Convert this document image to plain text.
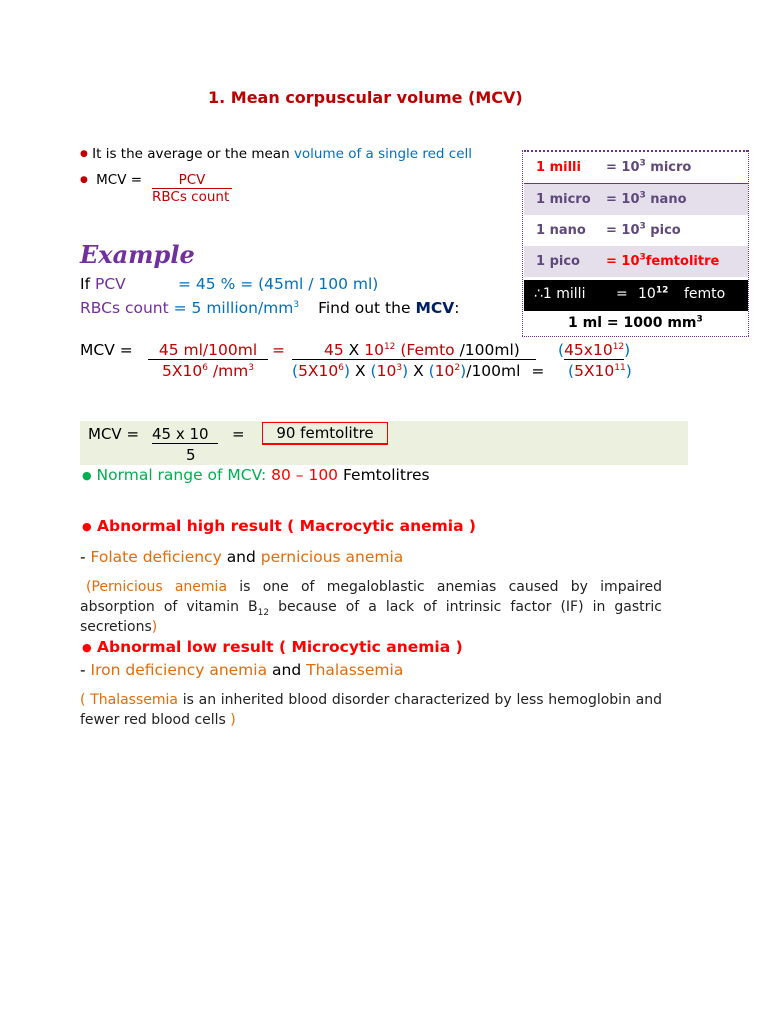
1. Mean corpuscular volume (MCV)
● It is the average or the mean volume of a single red cell
● MCV =	PCV
RBCs count
1 milli = $10^3$ micro
1 micro = $10^3$ nano
1 nano = $10^3$ pico
1 pico = $10^3femtolitre$
∴1 milli = $10^{12}$ femto
1 ml = 1000 $mm^3$
Example
If PCV	= 45 % = (45ml / 100 ml)
RBCs count = 5 million/$mm^3$ Find out the MCV:
MCV =	45 ml/100ml =	45 X $10^{12}$ (Femto /100ml)	$(45x10^{12})$
$5X10^6$ $/mm^3$ $(5X10^6)$ X $(10^3)$ X $(10^2)/100ml = (5X10^{11})$
MCV = 45 x 10
5
=	90 femtolitre
● Normal range of MCV: 80 – 100 Femtolitres
● Abnormal high result ( Macrocytic anemia )
- Folate deficiency and pernicious anemia
(Pernicious anemia is one of megaloblastic anemias caused by impaired absorption of vitamin $B_{12}$ because of a lack of intrinsic factor (IF) in gastric secretions)
● Abnormal low result ( Microcytic anemia )
- Iron deficiency anemia and Thalassemia
( Thalassemia is an inherited blood disorder characterized by less hemoglobin and fewer red blood cells )
